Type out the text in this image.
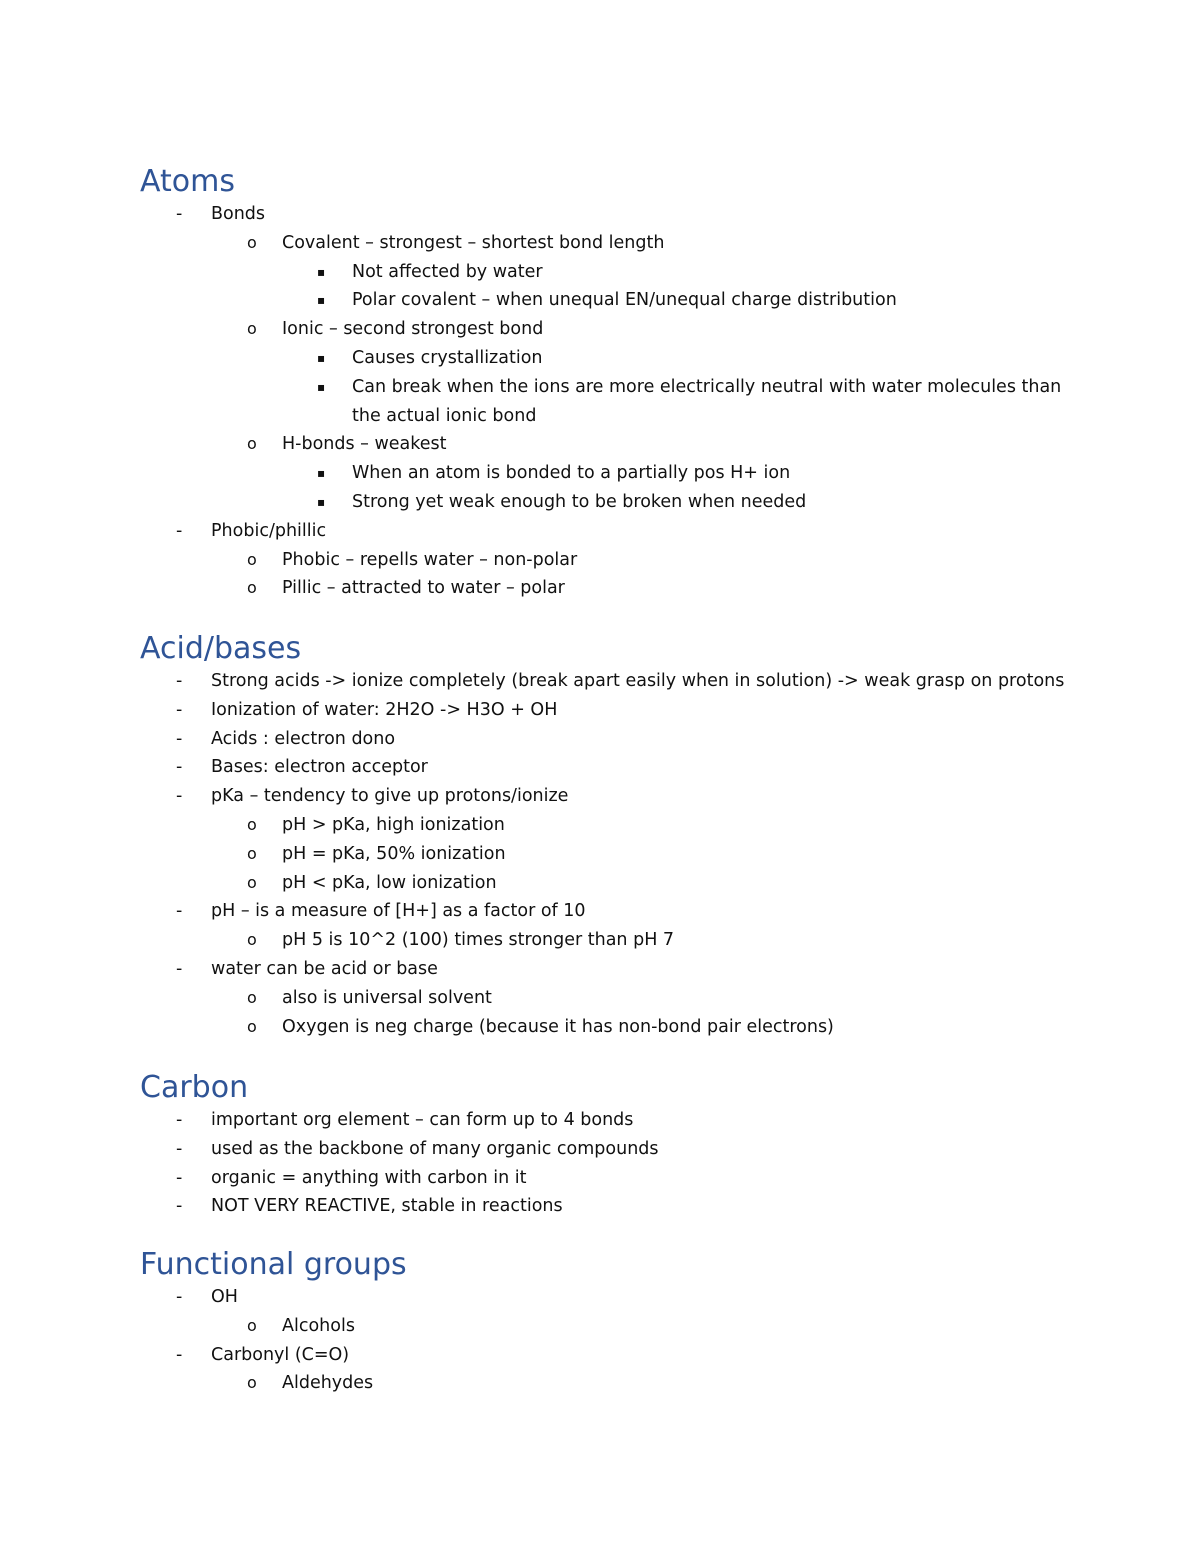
Atoms
- Bonds
o Covalent – strongest – shortest bond length
▪ Not affected by water
▪ Polar covalent – when unequal EN/unequal charge distribution
o Ionic – second strongest bond
▪ Causes crystallization
▪ Can break when the ions are more electrically neutral with water molecules than the actual ionic bond
o H-bonds – weakest
▪ When an atom is bonded to a partially pos H+ ion
▪ Strong yet weak enough to be broken when needed
- Phobic/phillic
o Phobic – repells water – non-polar
o Pillic – attracted to water – polar
Acid/bases
- Strong acids -> ionize completely (break apart easily when in solution) -> weak grasp on protons
- Ionization of water: 2H2O -> H3O + OH
- Acids : electron dono
- Bases: electron acceptor
- pKa – tendency to give up protons/ionize
o pH > pKa, high ionization
o pH = pKa, 50% ionization
o pH < pKa, low ionization
- pH – is a measure of [H+] as a factor of 10
o pH 5 is 10^2 (100) times stronger than pH 7
- water can be acid or base
o also is universal solvent
o Oxygen is neg charge (because it has non-bond pair electrons)
Carbon
- important org element – can form up to 4 bonds
- used as the backbone of many organic compounds
- organic = anything with carbon in it
- NOT VERY REACTIVE, stable in reactions
Functional groups
- OH
o Alcohols
- Carbonyl (C=O)
o Aldehydes
